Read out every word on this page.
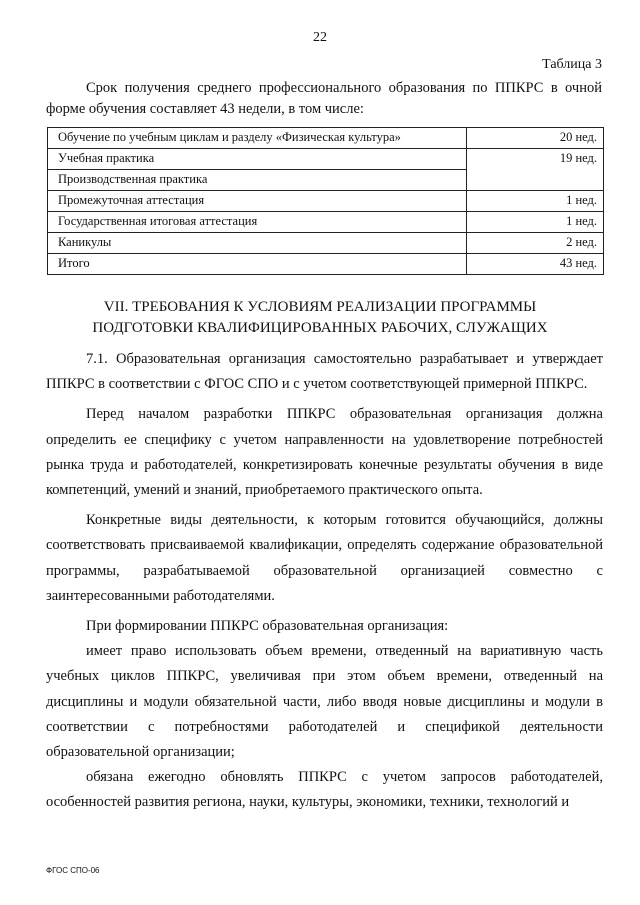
22
Таблица 3
Срок получения среднего профессионального образования по ППКРС в очной форме обучения составляет 43 недели, в том числе:
Обучение по учебным циклам и разделу «Физическая культура»	20 нед.
Учебная практика	19 нед.
Производственная практика	
Промежуточная аттестация	1 нед.
Государственная итоговая аттестация	1 нед.
Каникулы	2 нед.
Итого	43 нед.
VII. ТРЕБОВАНИЯ К УСЛОВИЯМ РЕАЛИЗАЦИИ ПРОГРАММЫ
ПОДГОТОВКИ КВАЛИФИЦИРОВАННЫХ РАБОЧИХ, СЛУЖАЩИХ

7.1. Образовательная организация самостоятельно разрабатывает и утверждает ППКРС в соответствии с ФГОС СПО и с учетом соответствующей примерной ППКРС.

Перед началом разработки ППКРС образовательная организация должна определить ее специфику с учетом направленности на удовлетворение потребностей рынка труда и работодателей, конкретизировать конечные результаты обучения в виде компетенций, умений и знаний, приобретаемого практического опыта.

Конкретные виды деятельности, к которым готовится обучающийся, должны соответствовать присваиваемой квалификации, определять содержание образовательной программы, разрабатываемой образовательной организацией совместно с заинтересованными работодателями.

При формировании ППКРС образовательная организация:

имеет право использовать объем времени, отведенный на вариативную часть учебных циклов ППКРС, увеличивая при этом объем времени, отведенный на дисциплины и модули обязательной части, либо вводя новые дисциплины и модули в соответствии с потребностями работодателей и спецификой деятельности образовательной организации;

обязана ежегодно обновлять ППКРС с учетом запросов работодателей, особенностей развития региона, науки, культуры, экономики, техники, технологий и

ФГОС СПО-06
